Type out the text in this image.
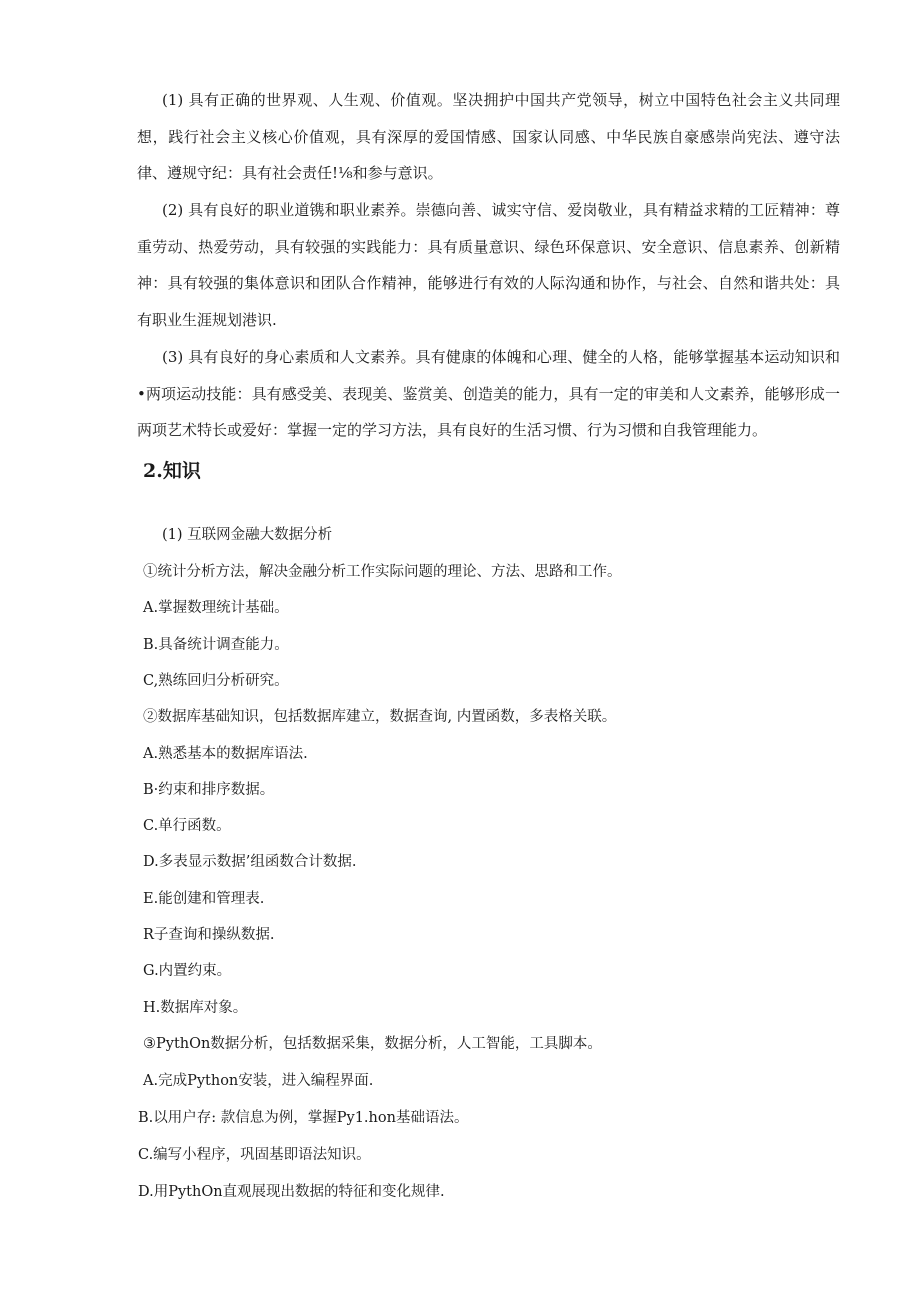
(1) 具有正确的世界观、人生观、价值观。坚决拥护中国共产党领导，树立中国特色社会主义共同理想，践行社会主义核心价值观，具有深厚的爱国情感、国家认同感、中华民族自豪感崇尚宪法、遵守法律、遵规守纪：具有社会责任!⅛和参与意识。

(2) 具有良好的职业道镌和职业素养。崇德向善、诚实守信、爱岗敬业，具有精益求精的工匠精神：尊重劳动、热爱劳动，具有较强的实践能力：具有质量意识、绿色环保意识、安全意识、信息素养、创新精神：具有较强的集体意识和团队合作精神，能够进行有效的人际沟通和协作，与社会、自然和谐共处：具有职业生涯规划港识.

(3) 具有良好的身心素质和人文素养。具有健康的体魄和心理、健全的人格，能够掌握基本运动知识和•两项运动技能：具有感受美、表现美、鉴赏美、创造美的能力，具有一定的审美和人文素养，能够形成一两项艺术特长或爱好：掌握一定的学习方法，具有良好的生活习惯、行为习惯和自我管理能力。

2.知识

(1) 互联网金融大数据分析

①统计分析方法，解决金融分析工作实际问题的理论、方法、思路和工作。

A.掌握数理统计基础。

B.具备统计调查能力。

C,熟练回归分析研究。

②数据库基础知识，包括数据库建立，数据查询, 内置函数，多表格关联。

A.熟悉基本的数据库语法.

B·约束和排序数据。

C.单行函数。

D.多表显示数据’组函数合计数据.

E.能创建和管理表.

R子查询和操纵数据.

G.内置约束。

H.数据库对象。

③PythOn数据分析，包括数据采集，数据分析，人工智能，工具脚本。

A.完成Python安装，进入编程界面.

B.以用户存: 款信息为例，掌握Py1.hon基础语法。

C.编写小程序，巩固基即语法知识。

D.用PythOn直观展现出数据的特征和变化规律.
